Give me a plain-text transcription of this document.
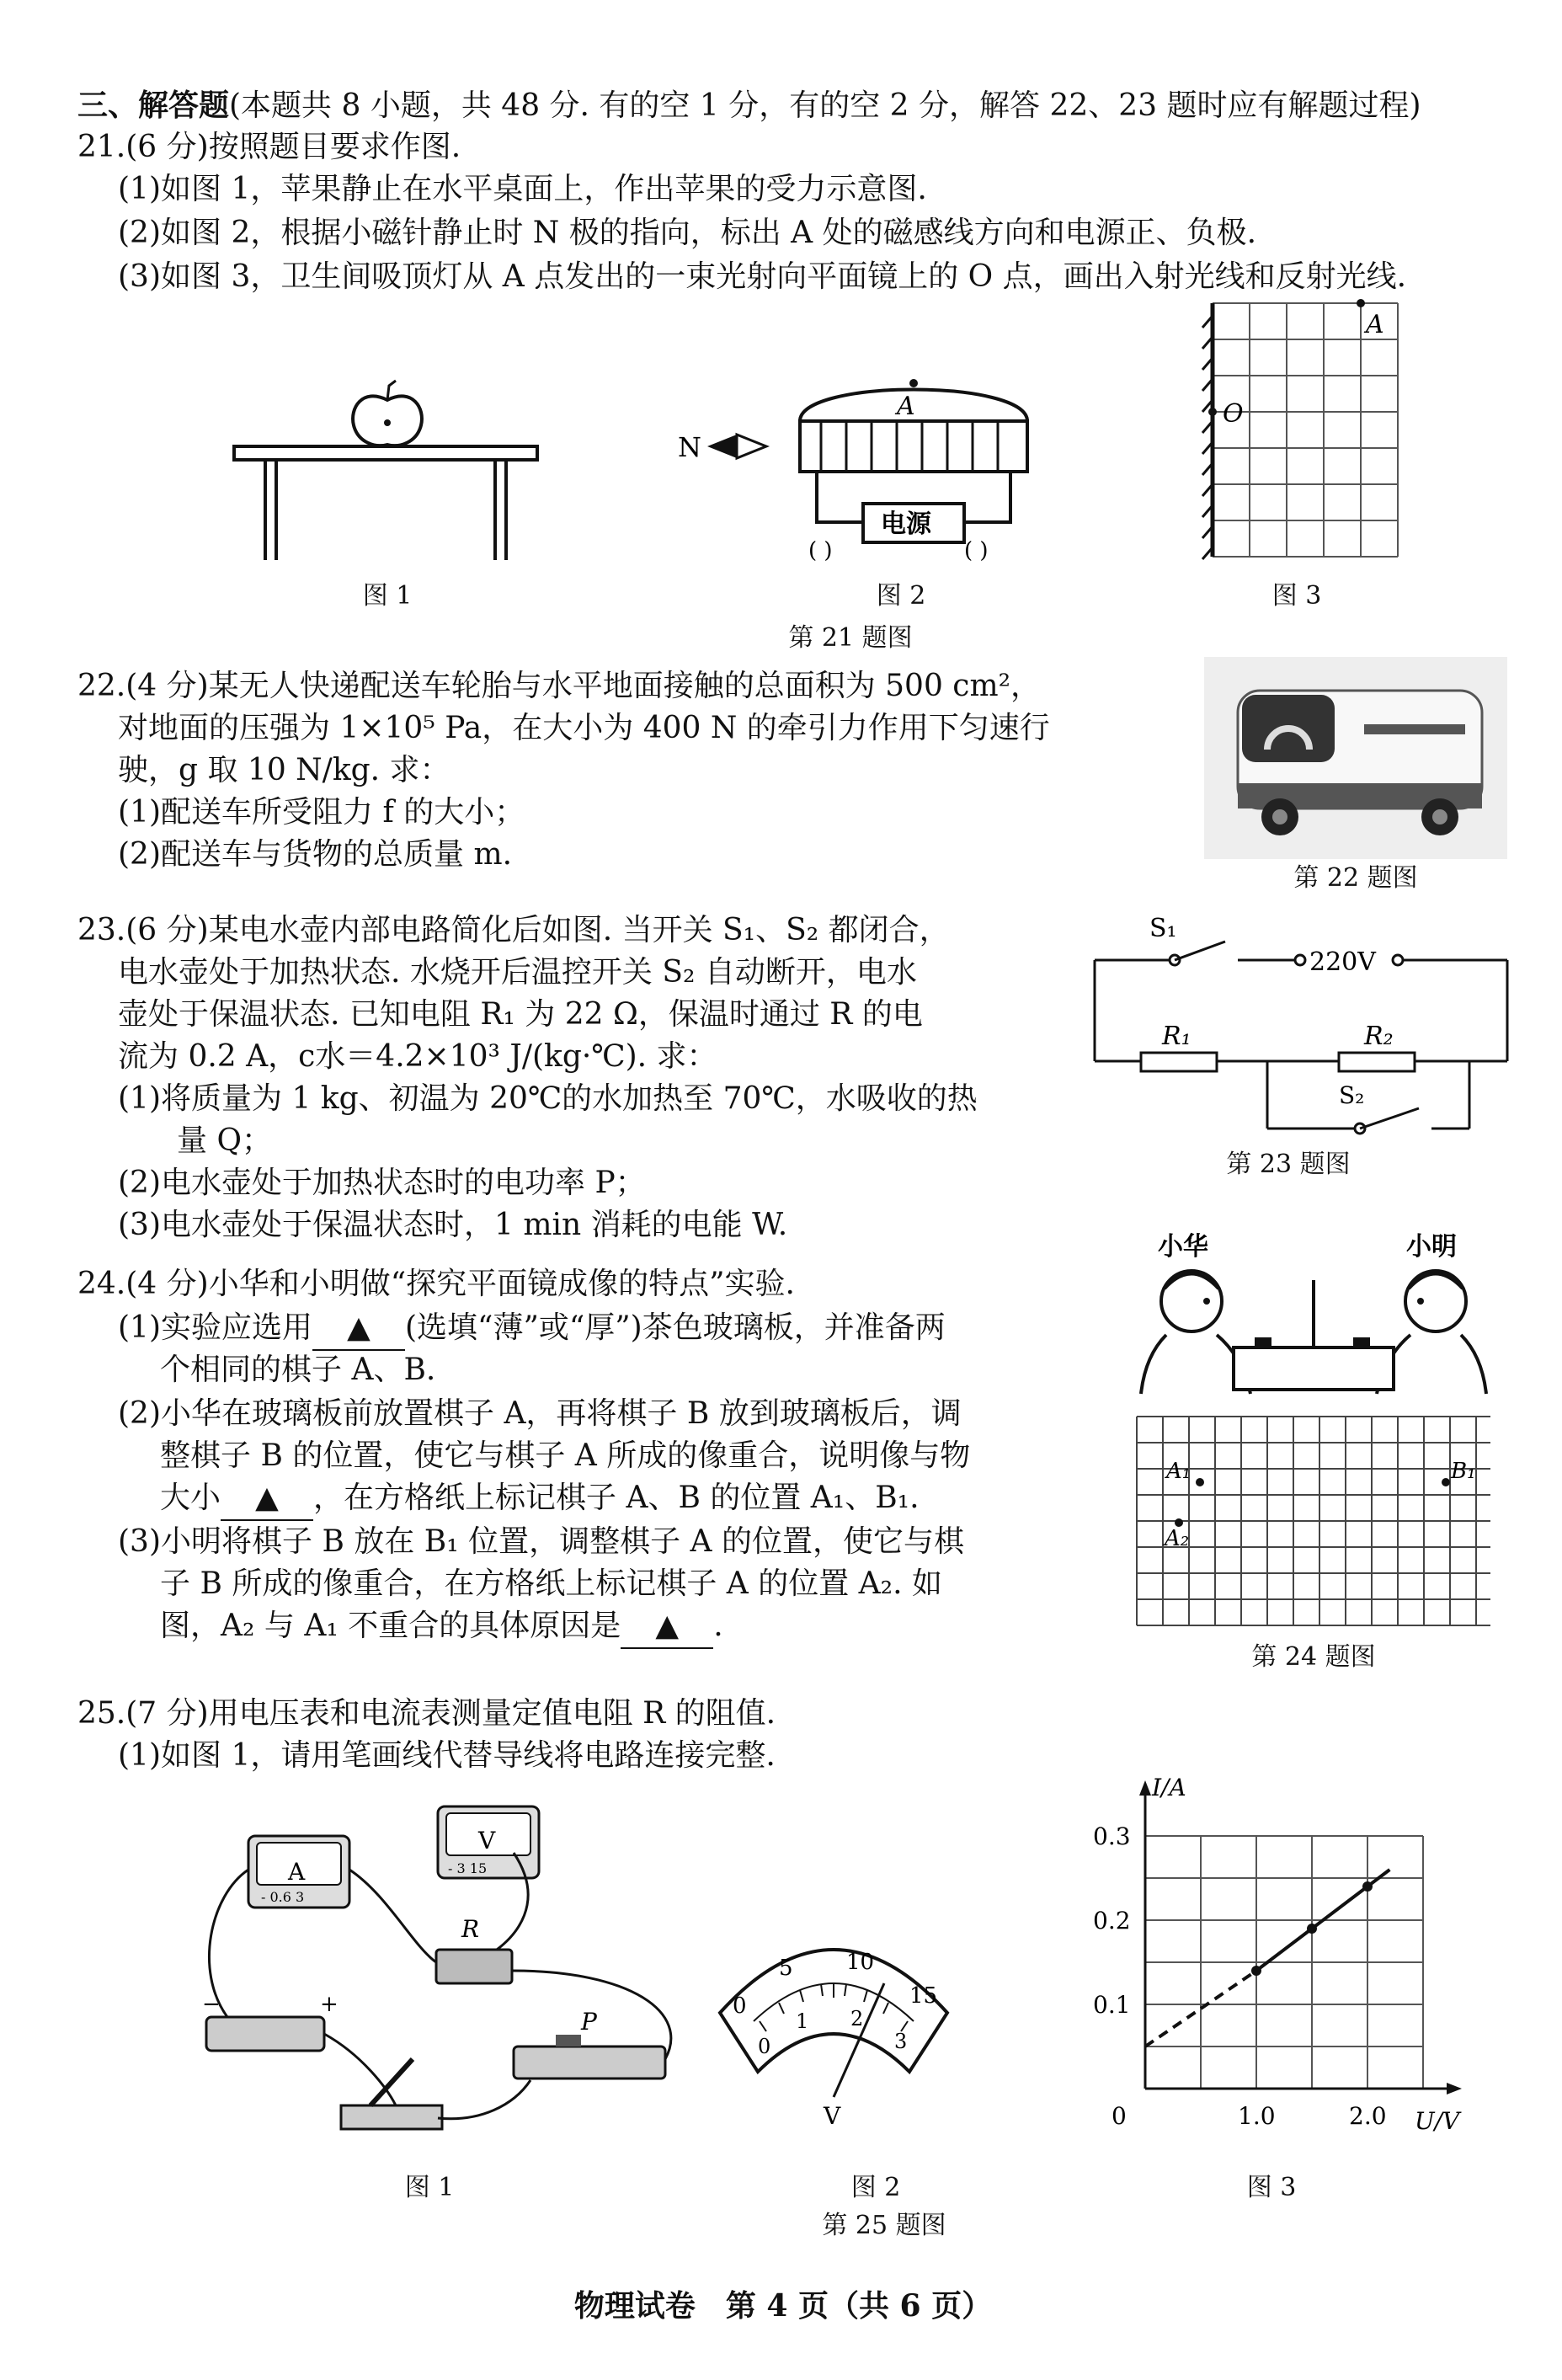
三、解答题(本题共 8 小题，共 48 分. 有的空 1 分，有的空 2 分，解答 22、23 题时应有解题过程)
21.(6 分)按照题目要求作图.
(1)如图 1，苹果静止在水平桌面上，作出苹果的受力示意图.
(2)如图 2，根据小磁针静止时 N 极的指向，标出 A 处的磁感线方向和电源正、负极.
(3)如图 3，卫生间吸顶灯从 A 点发出的一束光射向平面镜上的 O 点，画出入射光线和反射光线.
图 1
N
A
电源
( )	( )
图 2
A
O
图 3
第 21 题图
22.(4 分)某无人快递配送车轮胎与水平地面接触的总面积为 500 cm²，
对地面的压强为 1×10⁵ Pa，在大小为 400 N 的牵引力作用下匀速行
驶，g 取 10 N/kg. 求：
(1)配送车所受阻力 f 的大小；
(2)配送车与货物的总质量 m.
第 22 题图
23.(6 分)某电水壶内部电路简化后如图. 当开关 S₁、S₂ 都闭合，
电水壶处于加热状态. 水烧开后温控开关 S₂ 自动断开，电水
壶处于保温状态. 已知电阻 R₁ 为 22 Ω，保温时通过 R 的电
流为 0.2 A，c水＝4.2×10³ J/(kg·℃). 求：
(1)将质量为 1 kg、初温为 20℃的水加热至 70℃，水吸收的热
量 Q；
(2)电水壶处于加热状态时的电功率 P；
(3)电水壶处于保温状态时，1 min 消耗的电能 W.
S₁
220V
R₁	R₂
S₂
第 23 题图
24.(4 分)小华和小明做“探究平面镜成像的特点”实验.
(1)实验应选用 ▲ (选填“薄”或“厚”)茶色玻璃板，并准备两
个相同的棋子 A、B.
(2)小华在玻璃板前放置棋子 A，再将棋子 B 放到玻璃板后，调
整棋子 B 的位置，使它与棋子 A 所成的像重合，说明像与物
大小 ▲ ，在方格纸上标记棋子 A、B 的位置 A₁、B₁.
(3)小明将棋子 B 放在 B₁ 位置，调整棋子 A 的位置，使它与棋
子 B 所成的像重合，在方格纸上标记棋子 A 的位置 A₂. 如
图，A₂ 与 A₁ 不重合的具体原因是 ▲ .
小华	小明
A₁
A₂
B₁
第 24 题图
25.(7 分)用电压表和电流表测量定值电阻 R 的阻值.
(1)如图 1，请用笔画线代替导线将电路连接完整.
A
- 0.6 3
V
- 3 15
R
−	+
P
图 1
0
5 10
15
0
1 2
3
V
图 2
I/A
U/V
0	1.0	2.0
0.1
0.2
0.3
图 3
第 25 题图
物理试卷　第 4 页（共 6 页）
